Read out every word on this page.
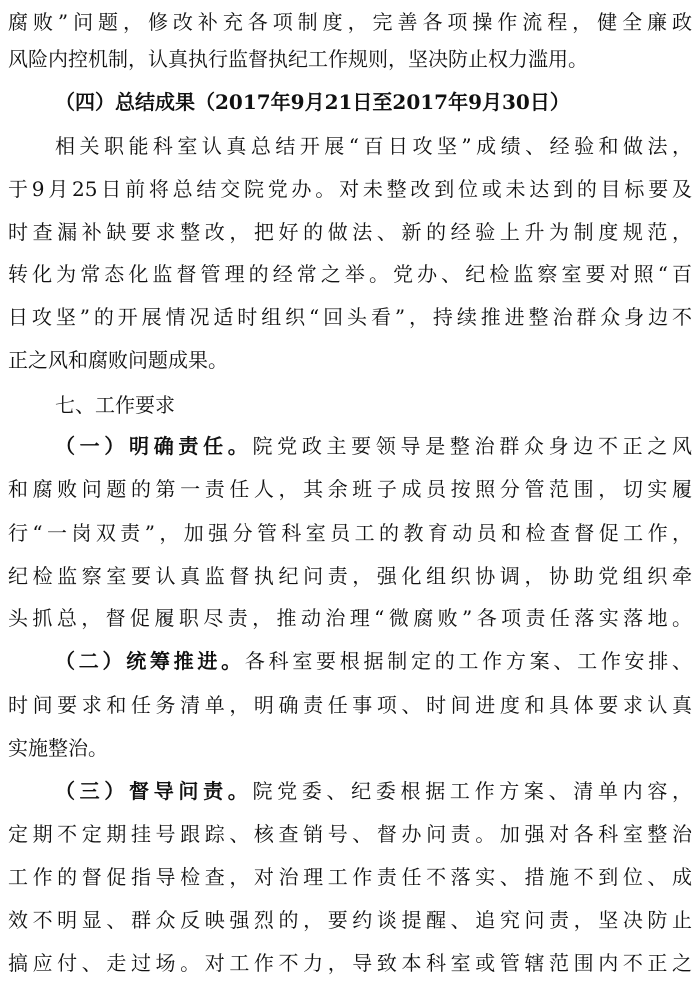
腐败”问题，修改补充各项制度，完善各项操作流程，健全廉政
风险内控机制，认真执行监督执纪工作规则，坚决防止权力滥用。
（四）总结成果（2017年9月21日至2017年9月30日）
相关职能科室认真总结开展“百日攻坚”成绩、经验和做法，
于9月25日前将总结交院党办。对未整改到位或未达到的目标要及
时查漏补缺要求整改，把好的做法、新的经验上升为制度规范，
转化为常态化监督管理的经常之举。党办、纪检监察室要对照“百
日攻坚”的开展情况适时组织“回头看”，持续推进整治群众身边不
正之风和腐败问题成果。
七、工作要求
（一）明确责任。院党政主要领导是整治群众身边不正之风
和腐败问题的第一责任人，其余班子成员按照分管范围，切实履
行“一岗双责”，加强分管科室员工的教育动员和检查督促工作，
纪检监察室要认真监督执纪问责，强化组织协调，协助党组织牵
头抓总，督促履职尽责，推动治理“微腐败”各项责任落实落地。
（二）统筹推进。各科室要根据制定的工作方案、工作安排、
时间要求和任务清单，明确责任事项、时间进度和具体要求认真
实施整治。
（三）督导问责。院党委、纪委根据工作方案、清单内容，
定期不定期挂号跟踪、核查销号、督办问责。加强对各科室整治
工作的督促指导检查，对治理工作责任不落实、措施不到位、成
效不明显、群众反映强烈的，要约谈提醒、追究问责，坚决防止
搞应付、走过场。对工作不力，导致本科室或管辖范围内不正之
